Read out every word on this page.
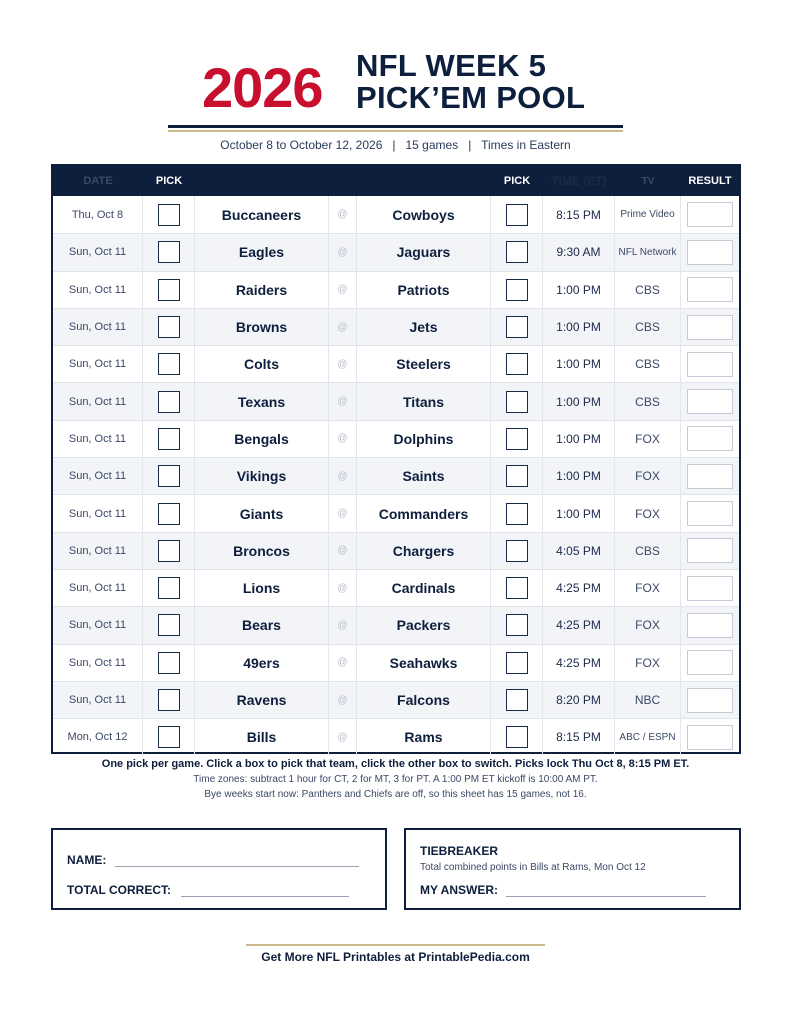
2026 NFL WEEK 5
PICK’EM POOL
October 8 to October 12, 2026   |   15 games   |   Times in Eastern
DATE	PICK	AWAY TEAM	HOME TEAM	PICK	TIME (ET)	TV	RESULT
Thu, Oct 8	Buccaneers	@	Cowboys	8:15 PM	Prime Video
Sun, Oct 11	Eagles	@	Jaguars	9:30 AM	NFL Network
Sun, Oct 11	Raiders	@	Patriots	1:00 PM	CBS
Sun, Oct 11	Browns	@	Jets	1:00 PM	CBS
Sun, Oct 11	Colts	@	Steelers	1:00 PM	CBS
Sun, Oct 11	Texans	@	Titans	1:00 PM	CBS
Sun, Oct 11	Bengals	@	Dolphins	1:00 PM	FOX
Sun, Oct 11	Vikings	@	Saints	1:00 PM	FOX
Sun, Oct 11	Giants	@	Commanders	1:00 PM	FOX
Sun, Oct 11	Broncos	@	Chargers	4:05 PM	CBS
Sun, Oct 11	Lions	@	Cardinals	4:25 PM	FOX
Sun, Oct 11	Bears	@	Packers	4:25 PM	FOX
Sun, Oct 11	49ers	@	Seahawks	4:25 PM	FOX
Sun, Oct 11	Ravens	@	Falcons	8:20 PM	NBC
Mon, Oct 12	Bills	@	Rams	8:15 PM	ABC / ESPN
One pick per game. Click a box to pick that team, click the other box to switch. Picks lock Thu Oct 8, 8:15 PM ET.
Time zones: subtract 1 hour for CT, 2 for MT, 3 for PT. A 1:00 PM ET kickoff is 10:00 AM PT.
Bye weeks start now: Panthers and Chiefs are off, so this sheet has 15 games, not 16.
NAME:
TOTAL CORRECT:
TIEBREAKER
Total combined points in Bills at Rams, Mon Oct 12
MY ANSWER:
Get More NFL Printables at PrintablePedia.com
